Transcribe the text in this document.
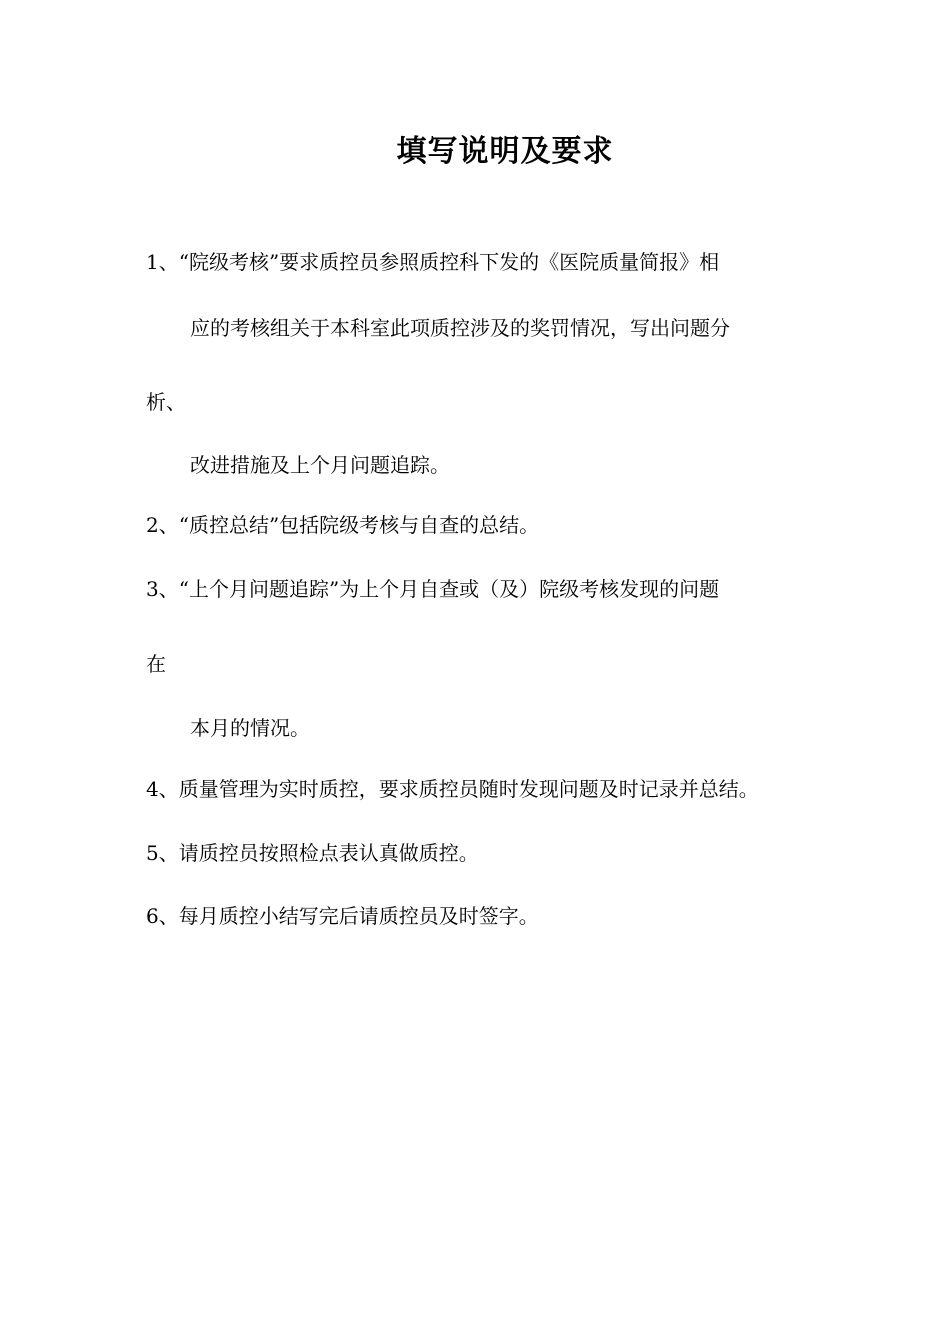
填写说明及要求
1、“院级考核”要求质控员参照质控科下发的《医院质量简报》相
应的考核组关于本科室此项质控涉及的奖罚情况，写出问题分
析、
改进措施及上个月问题追踪。
2、“质控总结”包括院级考核与自查的总结。
3、“上个月问题追踪”为上个月自查或（及）院级考核发现的问题
在
本月的情况。
4、质量管理为实时质控，要求质控员随时发现问题及时记录并总结。
5、请质控员按照检点表认真做质控。
6、每月质控小结写完后请质控员及时签字。
